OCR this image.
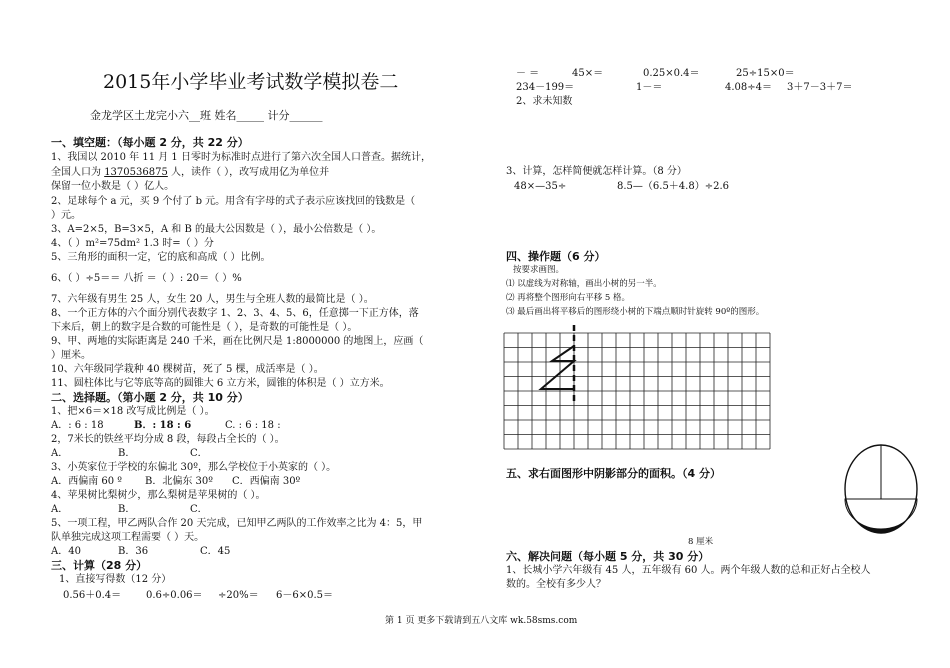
2015年小学毕业考试数学模拟卷二
金龙学区土龙完小六__班 姓名_____ 计分______
一、填空题：（每小题 2 分，共 22 分）
1、我国以 2010 年 11 月 1 日零时为标准时点进行了第六次全国人口普查。据统计，
全国人口为 1370536875 人，读作（ ），改写成用亿为单位并
保留一位小数是（ ）亿人。
2、足球每个 a 元，买 9 个付了 b 元。用含有字母的式子表示应该找回的钱数是（
）元。
3、A=2×5，B=3×5，A 和 B 的最大公因数是（ ），最小公倍数是（ ）。
4、（ ）m²=75dm² 1.3 时=（ ）分
5、三角形的面积一定，它的底和高成（ ）比例。
6、（ ）÷5＝＝ 八折 ＝（ ）: 20＝（ ）%
7、六年级有男生 25 人，女生 20 人，男生与全班人数的最简比是（ ）。
8、一个正方体的六个面分别代表数字 1、2、3、4、5、6，任意掷一下正方体，落
下来后，朝上的数字是合数的可能性是（ ），是奇数的可能性是（ ）。
9、甲、两地的实际距离是 240 千米，画在比例尺是 1:8000000 的地图上，应画（
）厘米。
10、六年级同学栽种 40 棵树苗，死了 5 棵，成活率是（ ）。
11、圆柱体比与它等底等高的圆锥大 6 立方米，圆锥的体积是（ ）立方米。
二、选择题。（第小题 2 分，共 10 分）
1、把×6＝×18 改写成比例是（ ）。
A．: 6 : 18	B．: 18 : 6	C. : 6 : 18 :
2，7米长的铁丝平均分成 8 段，每段占全长的（ ）。
A．	B．	C．
3、小英家位于学校的东偏北 30º，那么学校位于小英家的（ ）。
A．西偏南 60 º B．北偏东 30º C．西偏南 30º
4、苹果树比梨树少，那么梨树是苹果树的（ ）。
A．	B．	C．
5、一项工程，甲乙两队合作 20 天完成，已知甲乙两队的工作效率之比为 4：5，甲
队单独完成这项工程需要（ ）天。
A．40	B．36	C．45
三、计算（28 分）
1、直接写得数（12 分）
0.56＋0.4＝ 0.6÷0.06＝ ÷20%＝ 6－6×0.5＝
－ ＝	45×＝	0.25×0.4＝	25÷15×0＝
234－199＝	1－＝	4.08÷4＝ 3＋7－3＋7＝
2、求未知数
3、计算，怎样简便就怎样计算。（8 分）
48×—35÷	8.5—（6.5＋4.8）÷2.6
四、操作题（6 分）
按要求画图。
⑴ 以虚线为对称轴，画出小树的另一半。
⑵ 再将整个图形向右平移 5 格。
⑶ 最后画出将平移后的图形绕小树的下端点顺时针旋转 90º的图形。
五、求右面图形中阴影部分的面积。（4 分）
8 厘米
六、解决问题（每小题 5 分，共 30 分）
1、长城小学六年级有 45 人，五年级有 60 人。两个年级人数的总和正好占全校人
数的。全校有多少人？
第 1 页 更多下载请到五八文库 wk.58sms.com
